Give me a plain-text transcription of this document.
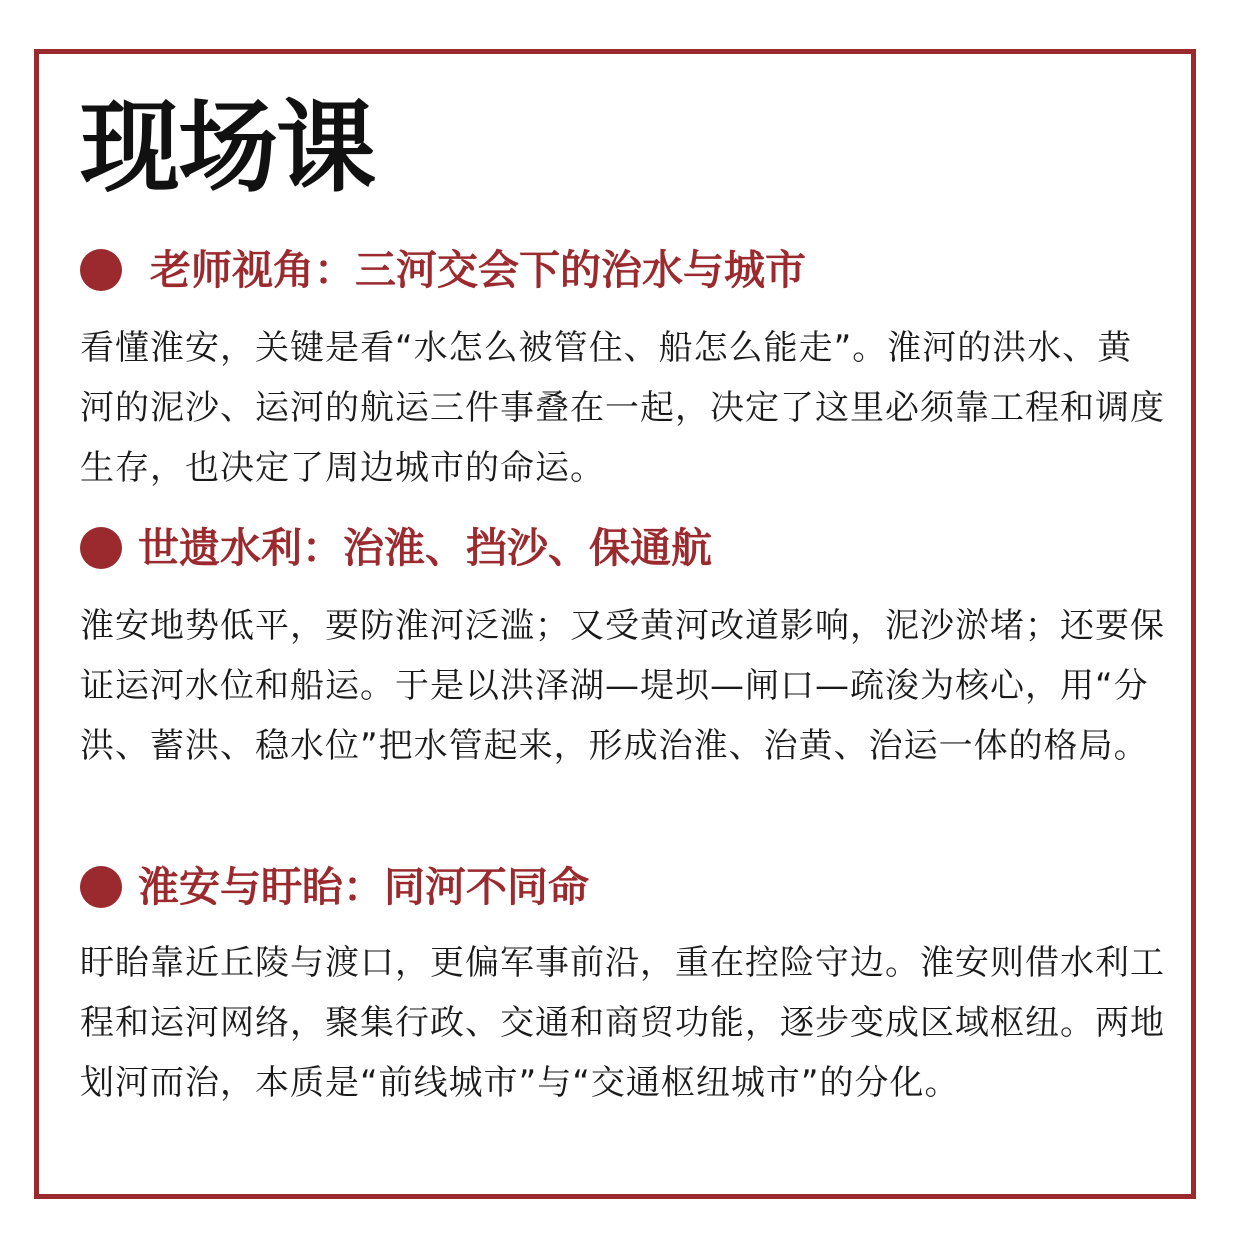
现场课
老师视角：三河交会下的治水与城市

看懂淮安，关键是看“水怎么被管住、船怎么能走”。淮河的洪水、黄河的泥沙、运河的航运三件事叠在一起，决定了这里必须靠工程和调度生存，也决定了周边城市的命运。

世遗水利：治淮、挡沙、保通航

淮安地势低平，要防淮河泛滥；又受黄河改道影响，泥沙淤堵；还要保证运河水位和船运。于是以洪泽湖—堤坝—闸口—疏浚为核心，用“分洪、蓄洪、稳水位”把水管起来，形成治淮、治黄、治运一体的格局。

淮安与盱眙：同河不同命

盱眙靠近丘陵与渡口，更偏军事前沿，重在控险守边。淮安则借水利工程和运河网络，聚集行政、交通和商贸功能，逐步变成区域枢纽。两地划河而治，本质是“前线城市”与“交通枢纽城市”的分化。
